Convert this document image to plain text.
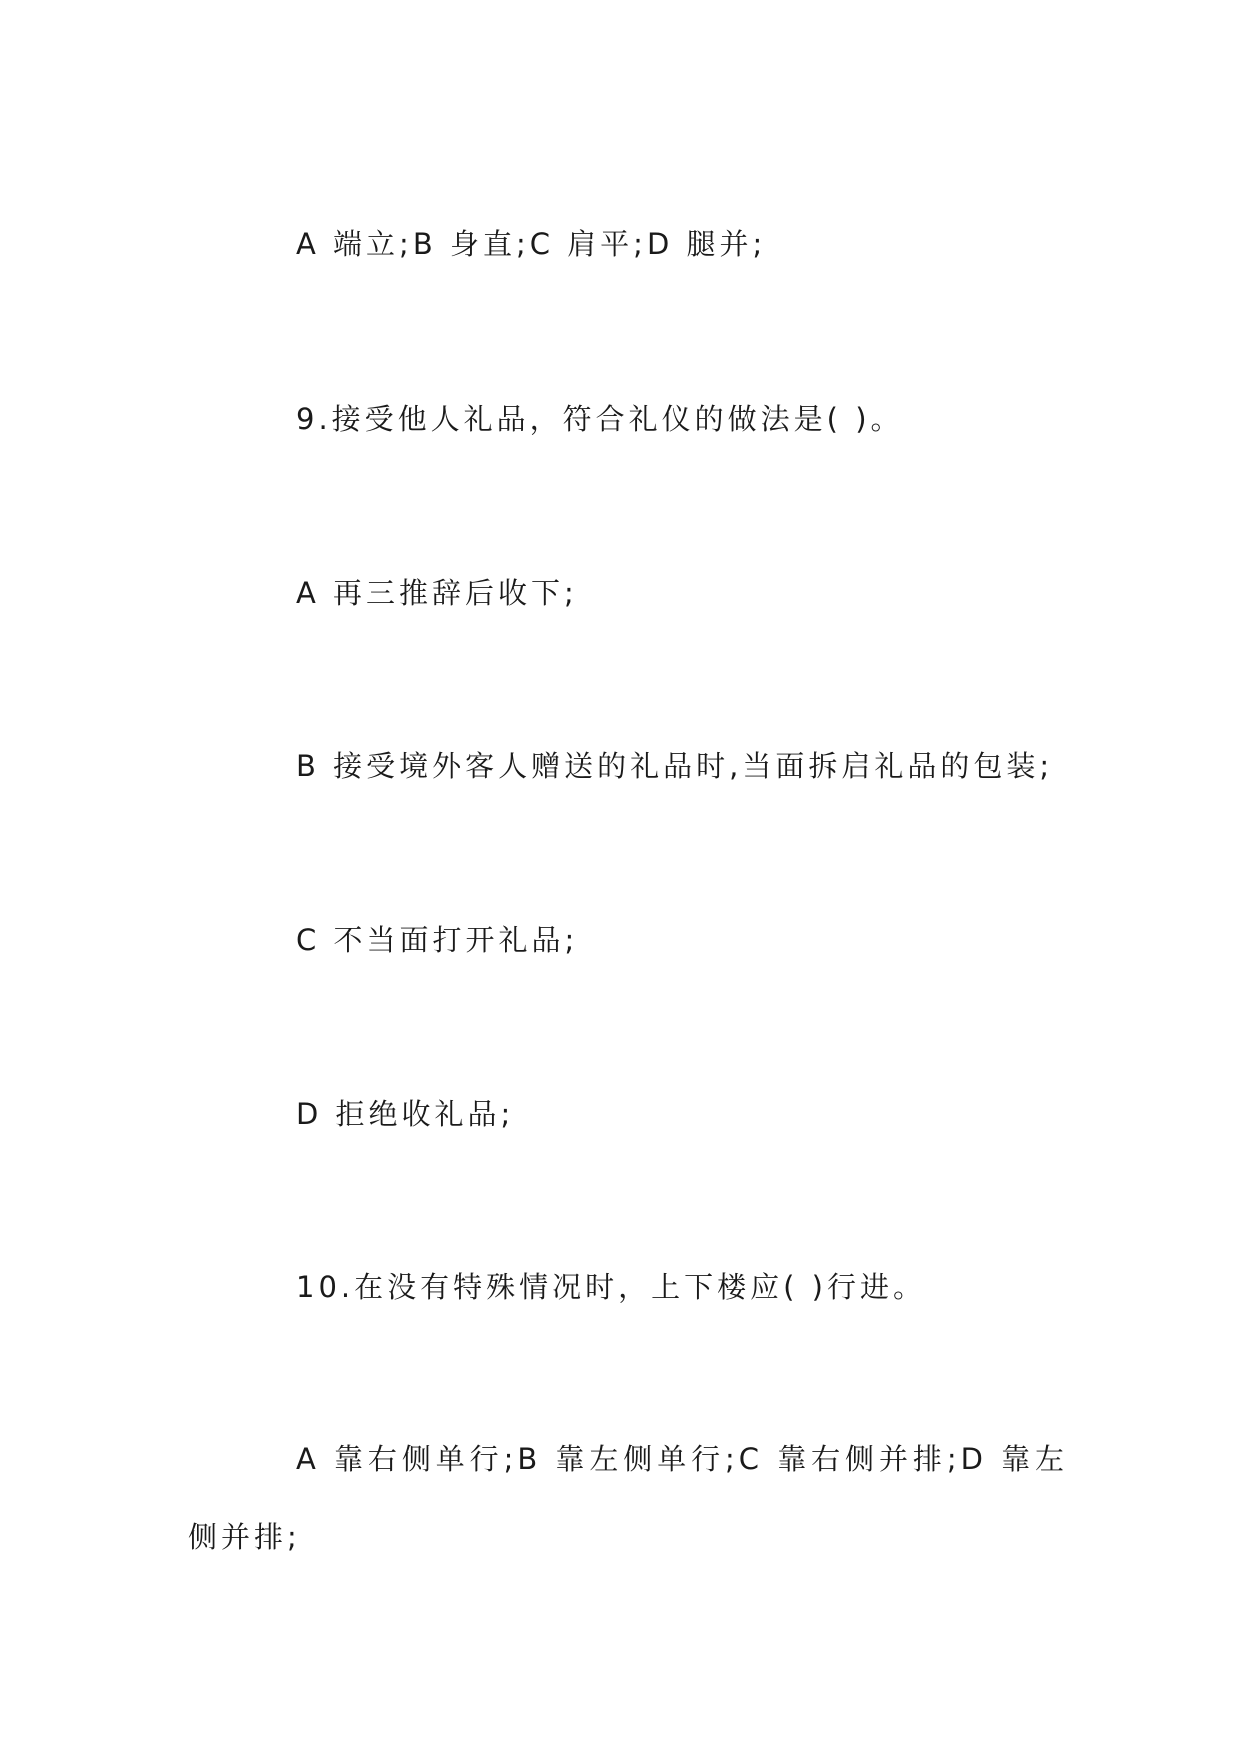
A 端立;B 身直;C 肩平;D 腿并;

9.接受他人礼品，符合礼仪的做法是( )。

A 再三推辞后收下;

B 接受境外客人赠送的礼品时,当面拆启礼品的包装;

C 不当面打开礼品;

D 拒绝收礼品;

10.在没有特殊情况时，上下楼应( )行进。

A 靠右侧单行;B 靠左侧单行;C 靠右侧并排;D 靠左侧并排;
